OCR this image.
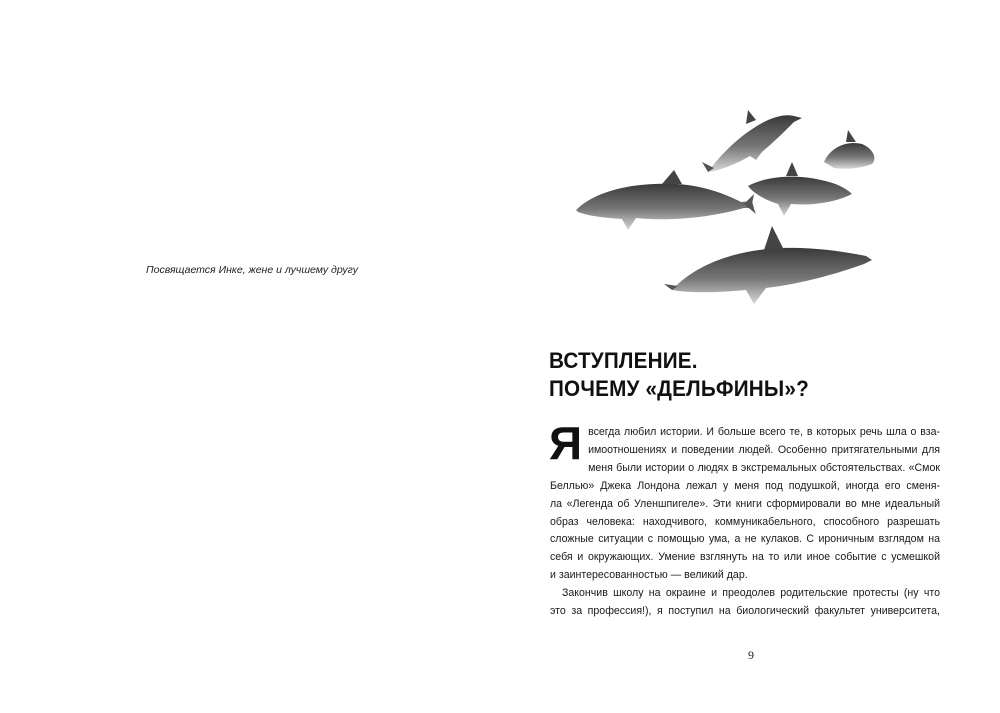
Посвящается Инке, жене и лучшему другу
ВСТУПЛЕНИЕ.
ПОЧЕМУ «ДЕЛЬФИНЫ»?
Я всегда любил истории. И больше всего те, в которых речь шла о вза-
имоотношениях и поведении людей. Особенно притягательными для
меня были истории о людях в экстремальных обстоятельствах. «Смок
Беллью» Джека Лондона лежал у меня под подушкой, иногда его сменя-
ла «Легенда об Уленшпигеле». Эти книги сформировали во мне идеальный
образ человека: находчивого, коммуникабельного, способного разрешать
сложные ситуации с помощью ума, а не кулаков. С ироничным взглядом на
себя и окружающих. Умение взглянуть на то или иное событие с усмешкой
и заинтересованностью — великий дар.
Закончив школу на окраине и преодолев родительские протесты (ну что
это за профессия!), я поступил на биологический факультет университета,
9
